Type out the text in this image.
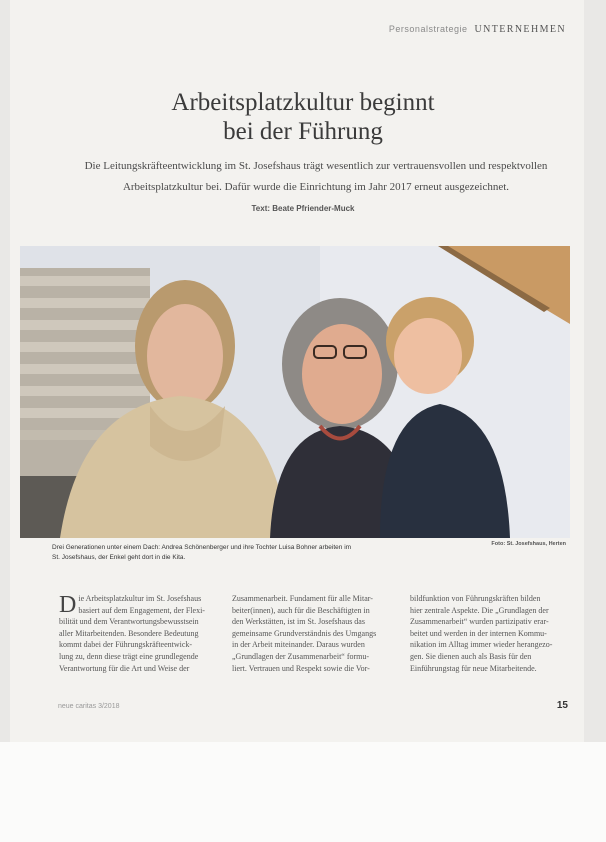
Personalstrategie UNTERNEHMEN
Arbeitsplatzkultur beginnt
bei der Führung

Die Leitungskräfteentwicklung im St. Josefshaus trägt wesentlich zur vertrauensvollen und respektvollen
Arbeitsplatzkultur bei. Dafür wurde die Einrichtung im Jahr 2017 erneut ausgezeichnet.

Text: Beate Pfriender-Muck
Drei Generationen unter einem Dach: Andrea Schönenberger und ihre Tochter Luisa Bohner arbeiten im
St. Josefshaus, der Enkel geht dort in die Kita.
Foto: St. Josefshaus, Herten
D ie Arbeitsplatzkultur im St. Josefshaus
basiert auf dem Engagement, der Flexi-
bilität und dem Verantwortungsbewusstsein
aller Mitarbeitenden. Besondere Bedeutung
kommt dabei der Führungskräfteentwick-
lung zu, denn diese trägt eine grundlegende
Verantwortung für die Art und Weise der
Zusammenarbeit. Fundament für alle Mitar-
beiter(innen), auch für die Beschäftigten in
den Werkstätten, ist im St. Josefshaus das
gemeinsame Grundverständnis des Umgangs
in der Arbeit miteinander. Daraus wurden
„Grundlagen der Zusammenarbeit“ formu-
liert. Vertrauen und Respekt sowie die Vor-
bildfunktion von Führungskräften bilden
hier zentrale Aspekte. Die „Grundlagen der
Zusammenarbeit“ wurden partizipativ erar-
beitet und werden in der internen Kommu-
nikation im Alltag immer wieder herangezo-
gen. Sie dienen auch als Basis für den
Einführungstag für neue Mitarbeitende.
neue caritas 3/2018	15
